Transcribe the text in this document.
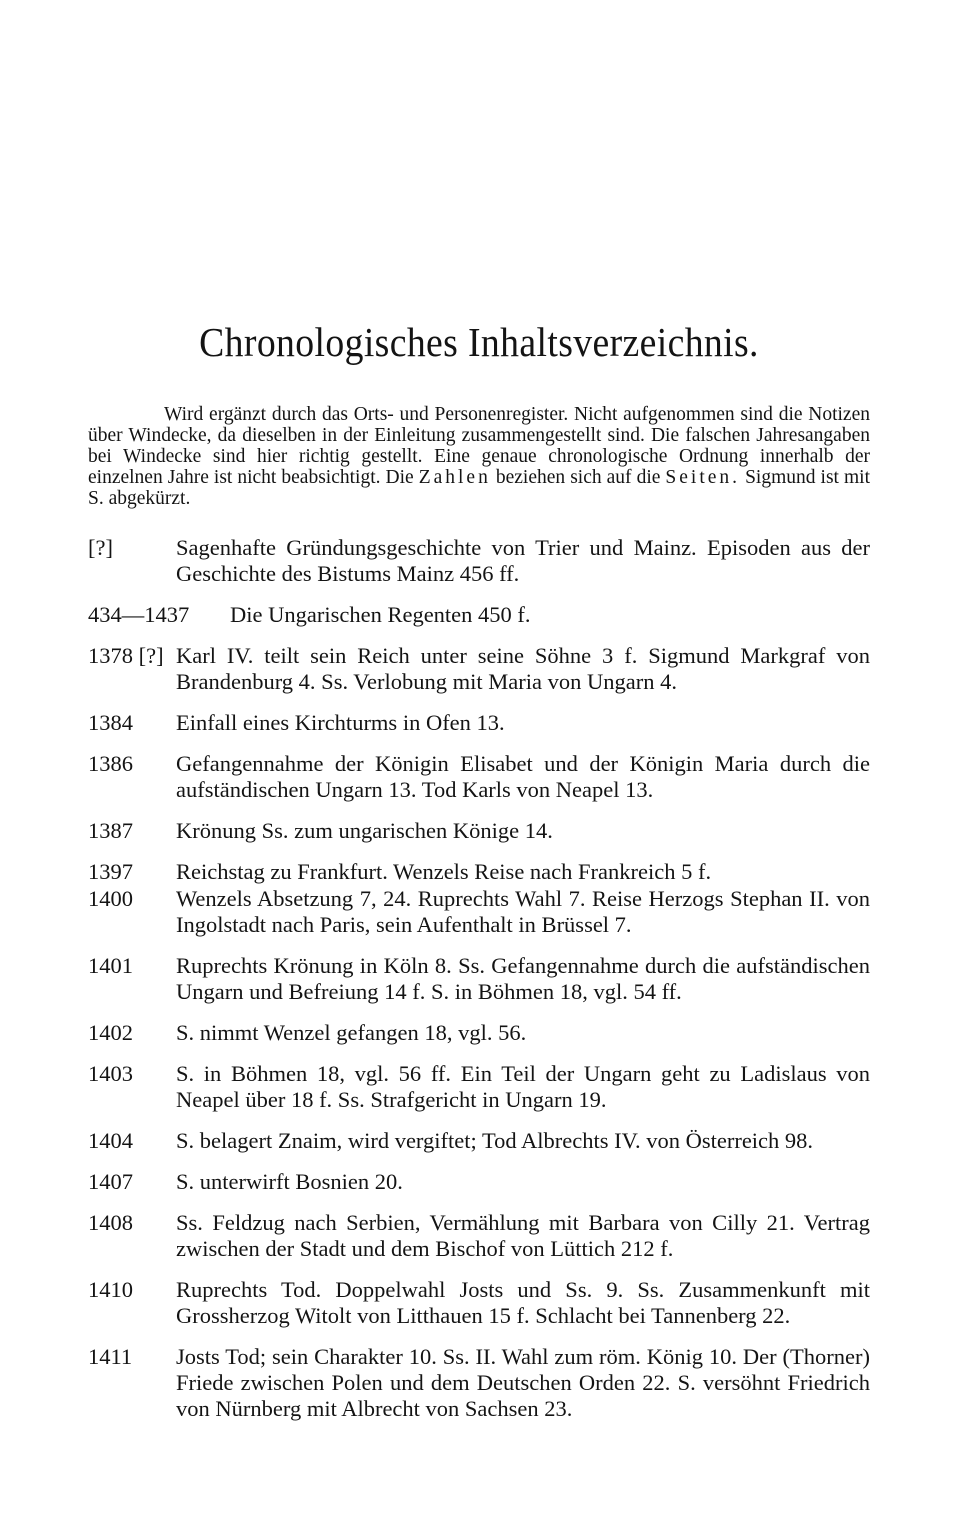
Chronologisches Inhaltsverzeichnis.

Wird ergänzt durch das Orts- und Personenregister. Nicht aufgenommen sind die Notizen über Windecke, da dieselben in der Einleitung zusammengestellt sind. Die falschen Jahresangaben bei Windecke sind hier richtig gestellt. Eine genaue chronologische Ordnung innerhalb der einzelnen Jahre ist nicht beabsichtigt. Die Zahlen beziehen sich auf die Seiten. Sigmund ist mit S. abgekürzt.

[?]	Sagenhafte Gründungsgeschichte von Trier und Mainz. Episoden aus der Geschichte des Bistums Mainz 456 ff.
434—1437	Die Ungarischen Regenten 450 f.
1378 [?] Karl IV. teilt sein Reich unter seine Söhne 3 f. Sigmund Markgraf von Brandenburg 4. Ss. Verlobung mit Maria von Ungarn 4.
1384	Einfall eines Kirchturms in Ofen 13.
1386	Gefangennahme der Königin Elisabet und der Königin Maria durch die aufständischen Ungarn 13. Tod Karls von Neapel 13.
1387	Krönung Ss. zum ungarischen Könige 14.
1397	Reichstag zu Frankfurt. Wenzels Reise nach Frankreich 5 f.
1400	Wenzels Absetzung 7, 24. Ruprechts Wahl 7. Reise Herzogs Stephan II. von Ingolstadt nach Paris, sein Aufenthalt in Brüssel 7.
1401	Ruprechts Krönung in Köln 8. Ss. Gefangennahme durch die aufständischen Ungarn und Befreiung 14 f. S. in Böhmen 18, vgl. 54 ff.
1402	S. nimmt Wenzel gefangen 18, vgl. 56.
1403	S. in Böhmen 18, vgl. 56 ff. Ein Teil der Ungarn geht zu Ladislaus von Neapel über 18 f. Ss. Strafgericht in Ungarn 19.
1404	S. belagert Znaim, wird vergiftet; Tod Albrechts IV. von Österreich 98.
1407	S. unterwirft Bosnien 20.
1408	Ss. Feldzug nach Serbien, Vermählung mit Barbara von Cilly 21. Vertrag zwischen der Stadt und dem Bischof von Lüttich 212 f.
1410	Ruprechts Tod. Doppelwahl Josts und Ss. 9. Ss. Zusammenkunft mit Grossherzog Witolt von Litthauen 15 f. Schlacht bei Tannenberg 22.
1411	Josts Tod; sein Charakter 10. Ss. II. Wahl zum röm. König 10. Der (Thorner) Friede zwischen Polen und dem Deutschen Orden 22. S. versöhnt Friedrich von Nürnberg mit Albrecht von Sachsen 23.
